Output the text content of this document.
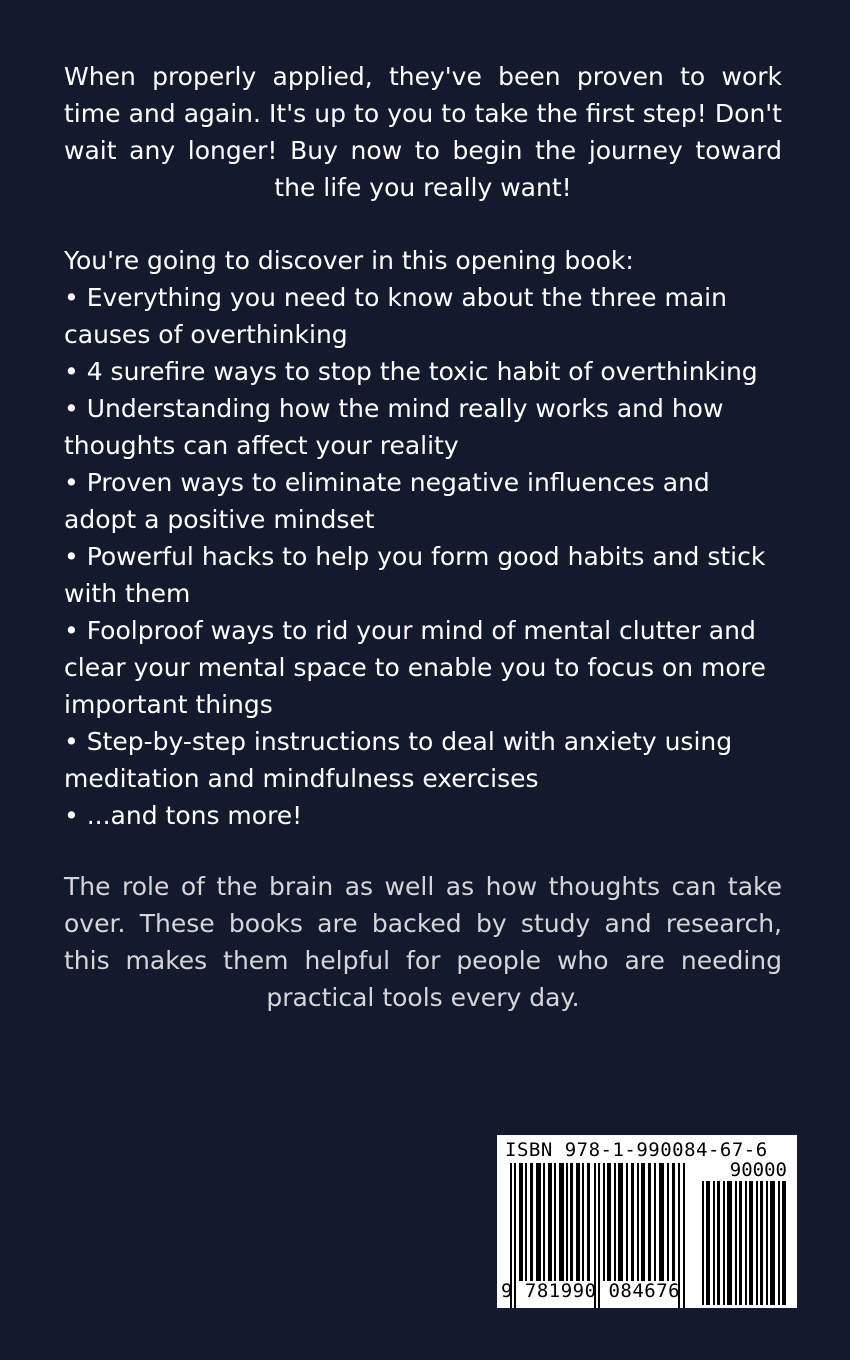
When properly applied, they've been proven to work time and again. It's up to you to take the first step! Don't wait any longer! Buy now to begin the journey toward the life you really want!

You're going to discover in this opening book:

• Everything you need to know about the three main causes of overthinking

• 4 surefire ways to stop the toxic habit of overthinking

• Understanding how the mind really works and how thoughts can affect your reality

• Proven ways to eliminate negative influences and adopt a positive mindset

• Powerful hacks to help you form good habits and stick with them

• Foolproof ways to rid your mind of mental clutter and clear your mental space to enable you to focus on more important things

• Step-by-step instructions to deal with anxiety using meditation and mindfulness exercises

• ...and tons more!

The role of the brain as well as how thoughts can take over. These books are backed by study and research, this makes them helpful for people who are needing practical tools every day.
ISBN 978-1-990084-67-6
90000
9 781990 084676
